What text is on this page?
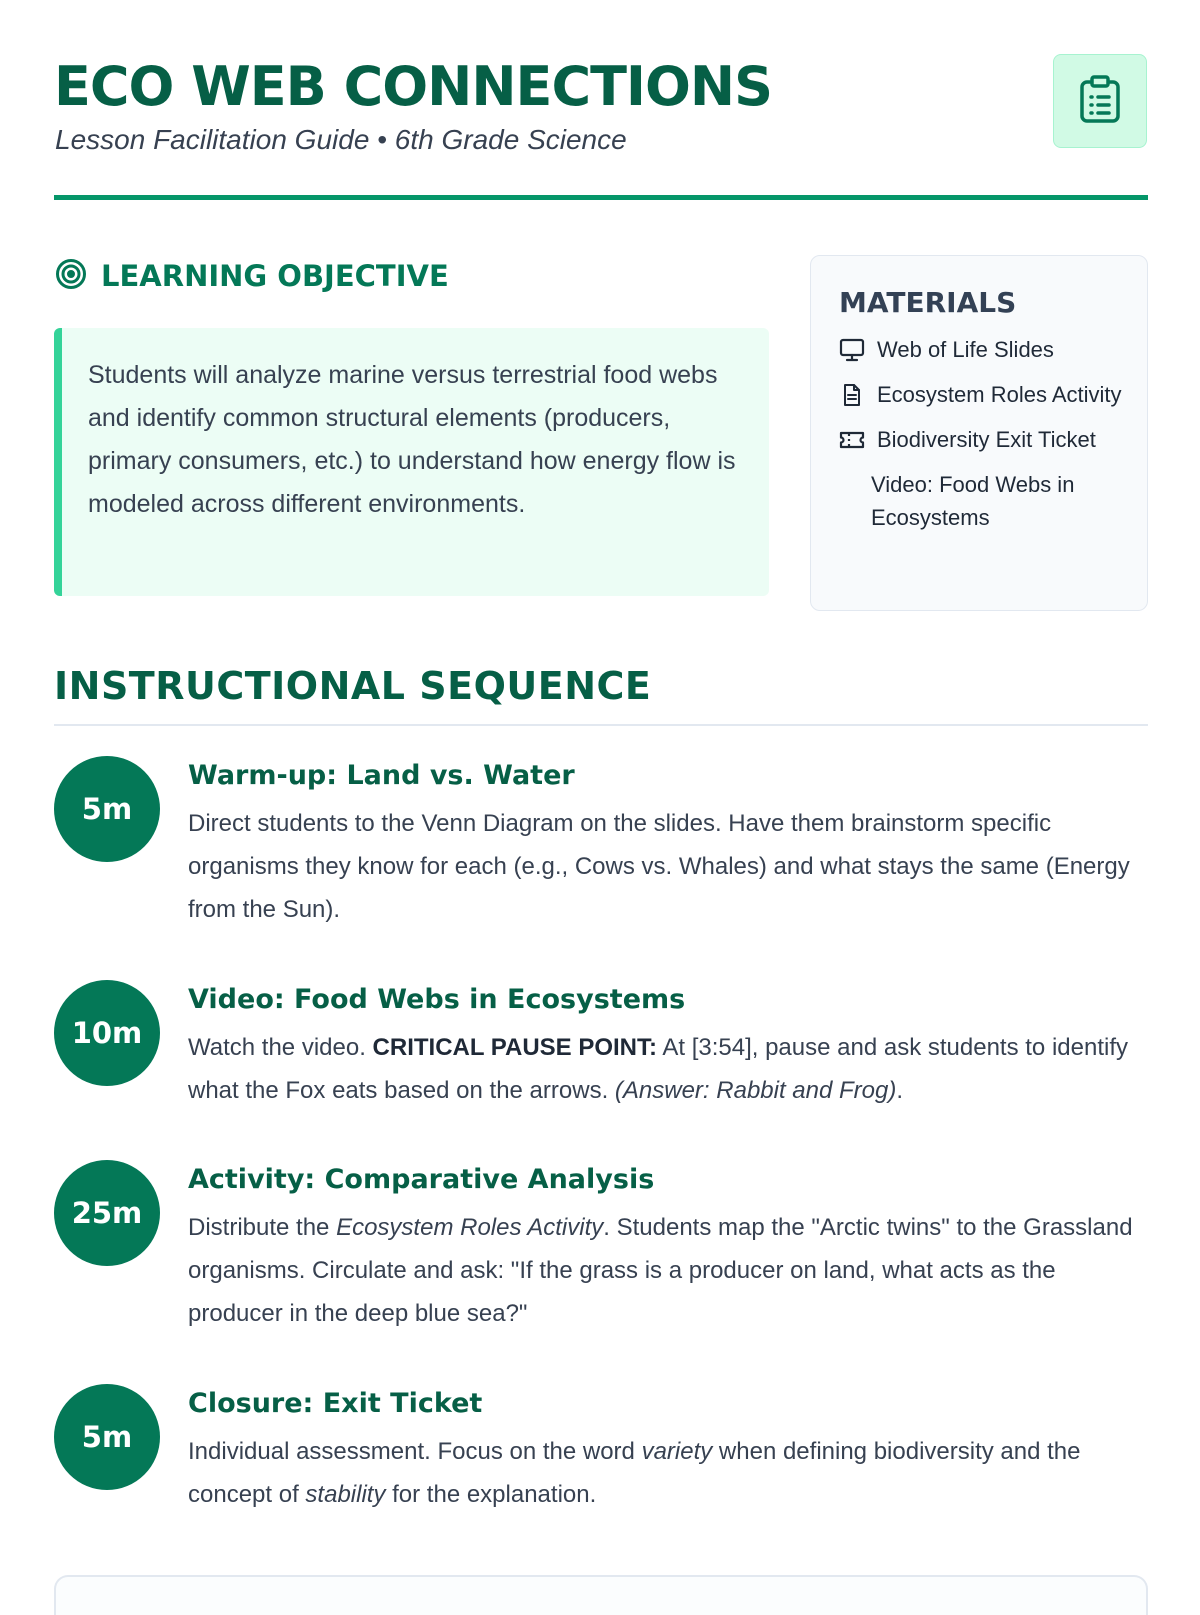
ECO WEB CONNECTIONS
Lesson Facilitation Guide • 6th Grade Science
LEARNING OBJECTIVE
Students will analyze marine versus terrestrial food webs and identify common structural elements (producers, primary consumers, etc.) to understand how energy flow is modeled across different environments.
MATERIALS
Web of Life Slides
Ecosystem Roles Activity
Biodiversity Exit Ticket
Video: Food Webs in Ecosystems
INSTRUCTIONAL SEQUENCE
5m
Warm-up: Land vs. Water
Direct students to the Venn Diagram on the slides. Have them brainstorm specific organisms they know for each (e.g., Cows vs. Whales) and what stays the same (Energy from the Sun).
10m
Video: Food Webs in Ecosystems
Watch the video. CRITICAL PAUSE POINT: At [3:54], pause and ask students to identify what the Fox eats based on the arrows. (Answer: Rabbit and Frog).
25m
Activity: Comparative Analysis
Distribute the Ecosystem Roles Activity. Students map the "Arctic twins" to the Grassland organisms. Circulate and ask: "If the grass is a producer on land, what acts as the producer in the deep blue sea?"
5m
Closure: Exit Ticket
Individual assessment. Focus on the word variety when defining biodiversity and the concept of stability for the explanation.
